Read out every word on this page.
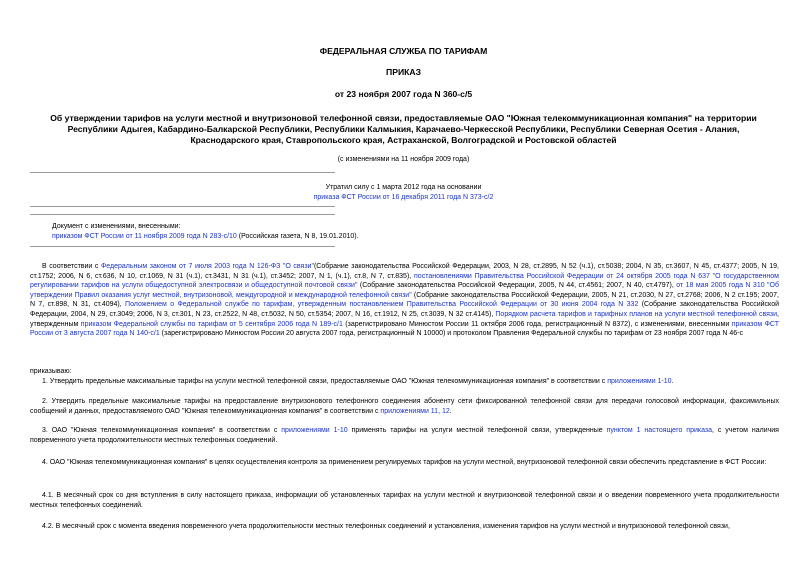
ФЕДЕРАЛЬНАЯ СЛУЖБА ПО ТАРИФАМ
ПРИКАЗ
от 23 ноября 2007 года N 360-с/5
Об утверждении тарифов на услуги местной и внутризоновой телефонной связи, предоставляемые ОАО "Южная телекоммуникационная компания" на территории Республики Адыгея, Кабардино-Балкарской Республики, Республики Калмыкия, Карачаево-Черкесской Республики, Республики Северная Осетия - Алания, Краснодарского края, Ставропольского края, Астраханской, Волгоградской и Ростовской областей
(с изменениями на 11 ноября 2009 года)
Утратил силу с 1 марта 2012 года на основании
приказа ФСТ России от 16 декабря 2011 года N 373-с/2
Документ с изменениями, внесенными:
приказом ФСТ России от 11 ноября 2009 года N 283-с/10 (Российская газета, N 8, 19.01.2010).
В соответствии с Федеральным законом от 7 июля 2003 года N 126-ФЗ "О связи"(Собрание законодательства Российской Федерации, 2003, N 28, ст.2895, N 52 (ч.1), ст.5038; 2004, N 35, ст.3607, N 45, ст.4377; 2005, N 19, ст.1752; 2006, N 6, ст.636, N 10, ст.1069, N 31 (ч.1), ст.3431, N 31 (ч.1), ст.3452; 2007, N 1, (ч.1), ст.8, N 7, ст.835), постановлениями Правительства Российской Федерации от 24 октября 2005 года N 637 "О государственном регулировании тарифов на услуги общедоступной электросвязи и общедоступной почтовой связи" (Собрание законодательства Российской Федерации, 2005, N 44, ст.4561; 2007, N 40, ст.4797), от 18 мая 2005 года N 310 "Об утверждении Правил оказания услуг местной, внутризоновой, междугородной и международной телефонной связи" (Собрание законодательства Российской Федерации, 2005, N 21, ст.2030, N 27, ст.2768; 2006, N 2 ст.195; 2007, N 7, ст.898, N 31, ст.4094), Положением о Федеральной службе по тарифам, утвержденным постановлением Правительства Российской Федерации от 30 июня 2004 года N 332 (Собрание законодательства Российской Федерации, 2004, N 29, ст.3049; 2006, N 3, ст.301, N 23, ст.2522, N 48, ст.5032, N 50, ст.5354; 2007, N 16, ст.1912, N 25, ст.3039, N 32 ст.4145), Порядком расчета тарифов и тарифных планов на услуги местной телефонной связи, утвержденным приказом Федеральной службы по тарифам от 5 сентября 2006 года N 189-с/1 (зарегистрировано Минюстом России 11 октября 2006 года, регистрационный N 8372), с изменениями, внесенными приказом ФСТ России от 3 августа 2007 года N 140-с/1 (зарегистрировано Минюстом России 20 августа 2007 года, регистрационный N 10000) и протоколом Правления Федеральной службы по тарифам от 23 ноября 2007 года N 46-с
приказываю:
1. Утвердить предельные максимальные тарифы на услуги местной телефонной связи, предоставляемые ОАО "Южная телекоммуникационная компания" в соответствии с приложениями 1-10.
2. Утвердить предельные максимальные тарифы на предоставление внутризонового телефонного соединения абоненту сети фиксированной телефонной связи для передачи голосовой информации, факсимильных сообщений и данных, предоставляемого ОАО "Южная телекоммуникационная компания" в соответствии с приложениями 11, 12.
3. ОАО "Южная телекоммуникационная компания" в соответствии с приложениями 1-10 применять тарифы на услуги местной телефонной связи, утвержденные пунктом 1 настоящего приказа, с учетом наличия повременного учета продолжительности местных телефонных соединений.
4. ОАО "Южная телекоммуникационная компания" в целях осуществления контроля за применением регулируемых тарифов на услуги местной, внутризоновой телефонной связи обеспечить представление в ФСТ России:
4.1. В месячный срок со дня вступления в силу настоящего приказа, информации об установленных тарифах на услуги местной и внутризоновой телефонной связи и о введении повременного учета продолжительности местных телефонных соединений.
4.2. В месячный срок с момента введения повременного учета продолжительности местных телефонных соединений и установления, изменения тарифов на услуги местной и внутризоновой телефонной связи,
